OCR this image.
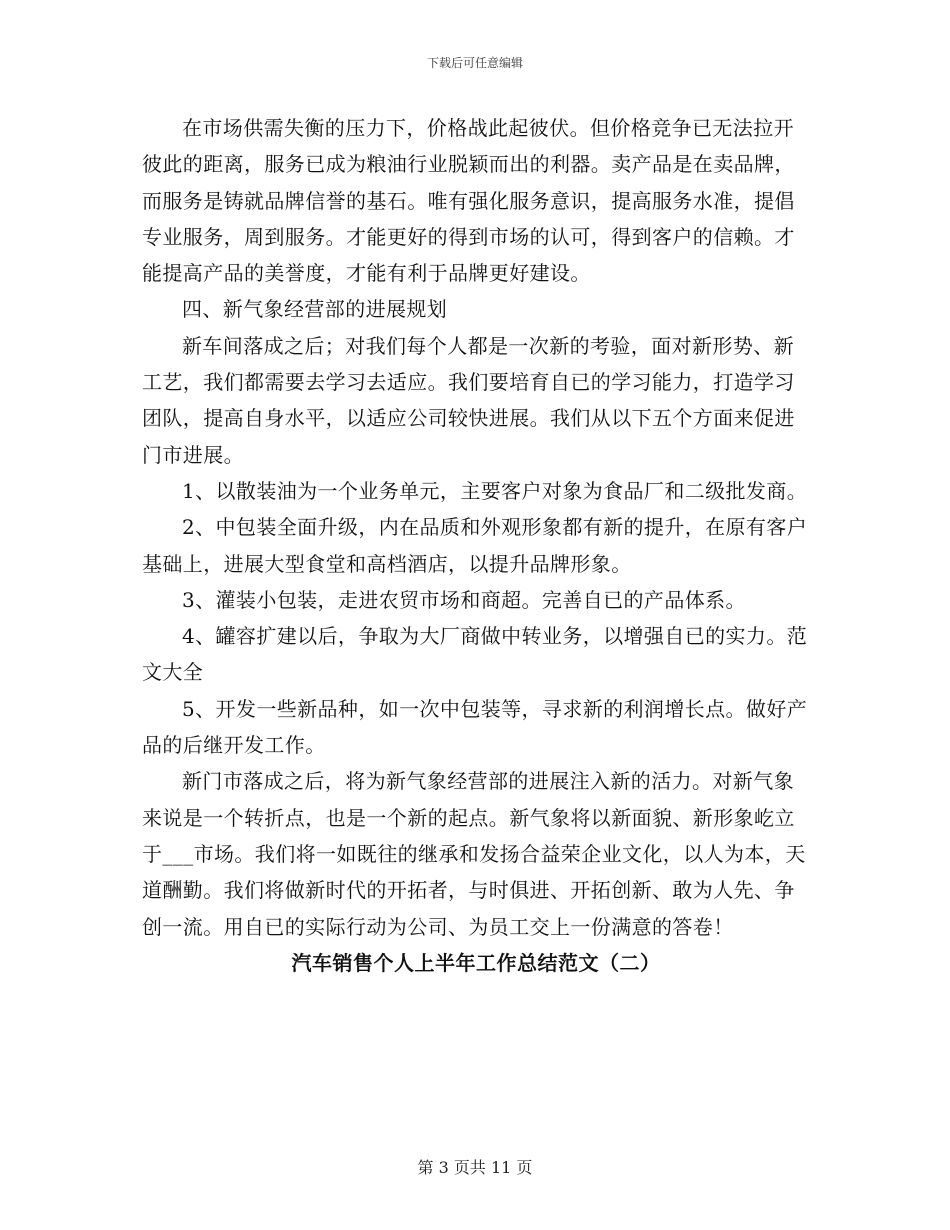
下载后可任意编辑

在市场供需失衡的压力下，价格战此起彼伏。但价格竞争已无法拉开彼此的距离，服务已成为粮油行业脱颖而出的利器。卖产品是在卖品牌，而服务是铸就品牌信誉的基石。唯有强化服务意识，提高服务水准，提倡专业服务，周到服务。才能更好的得到市场的认可，得到客户的信赖。才能提高产品的美誉度，才能有利于品牌更好建设。

四、新气象经营部的进展规划

新车间落成之后；对我们每个人都是一次新的考验，面对新形势、新工艺，我们都需要去学习去适应。我们要培育自已的学习能力，打造学习团队，提高自身水平，以适应公司较快进展。我们从以下五个方面来促进门市进展。

1、以散装油为一个业务单元，主要客户对象为食品厂和二级批发商。

2、中包装全面升级，内在品质和外观形象都有新的提升，在原有客户基础上，进展大型食堂和高档酒店，以提升品牌形象。

3、灌装小包装，走进农贸市场和商超。完善自已的产品体系。

4、罐容扩建以后，争取为大厂商做中转业务，以增强自已的实力。范文大全

5、开发一些新品种，如一次中包装等，寻求新的利润增长点。做好产品的后继开发工作。

新门市落成之后，将为新气象经营部的进展注入新的活力。对新气象来说是一个转折点，也是一个新的起点。新气象将以新面貌、新形象屹立于___市场。我们将一如既往的继承和发扬合益荣企业文化，以人为本，天道酬勤。我们将做新时代的开拓者，与时俱进、开拓创新、敢为人先、争创一流。用自已的实际行动为公司、为员工交上一份满意的答卷！

汽车销售个人上半年工作总结范文（二）

第 3 页共 11 页
